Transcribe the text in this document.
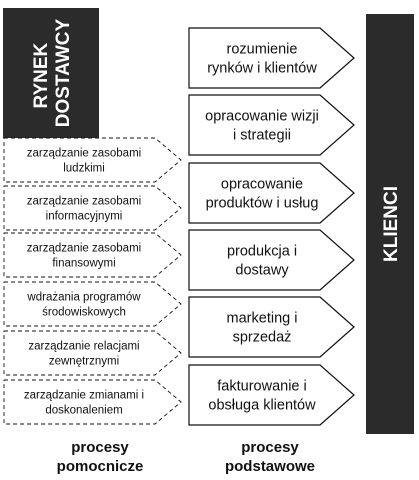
RYNEK DOSTAWCY
KLIENCI
rozumienie rynków i klientów
opracowanie wizji i strategii
opracowanie produktów i usług
produkcja i dostawy
marketing i sprzedaż
fakturowanie i obsługa klientów
zarządzanie zasobami ludzkimi
zarządzanie zasobami informacyjnymi
zarządzanie zasobami finansowymi
wdrażania programów środowiskowych
zarządzanie relacjami zewnętrznymi
zarządzanie zmianami i doskonaleniem
procesy
pomocnicze
procesy
podstawowe
